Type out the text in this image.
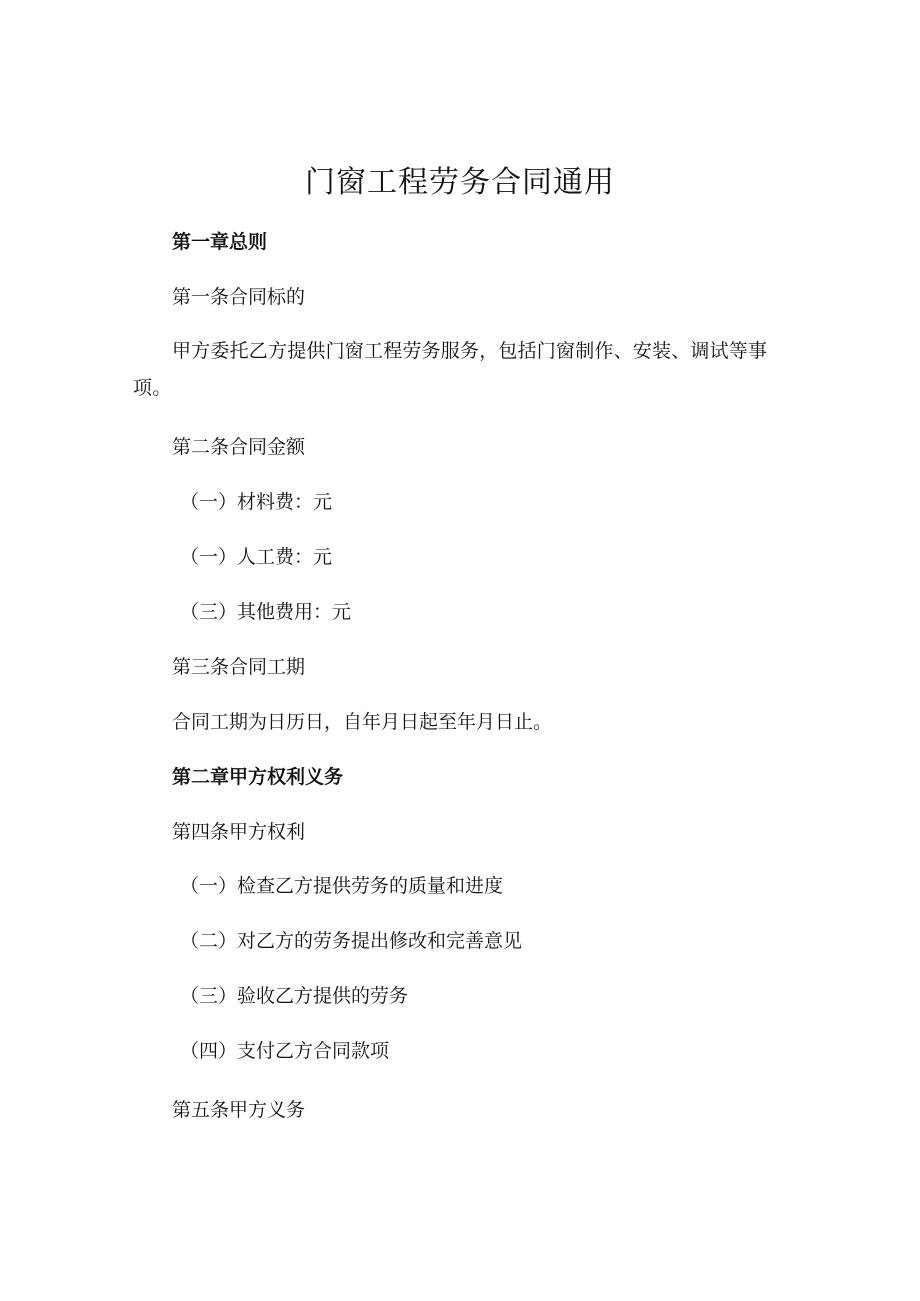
门窗工程劳务合同通用
第一章总则
第一条合同标的
甲方委托乙方提供门窗工程劳务服务，包括门窗制作、安装、调试等事项。
第二条合同金额
（一）材料费：元
（一）人工费：元
（三）其他费用：元
第三条合同工期
合同工期为日历日，自年月日起至年月日止。
第二章甲方权利义务
第四条甲方权利
（一）检查乙方提供劳务的质量和进度
（二）对乙方的劳务提出修改和完善意见
（三）验收乙方提供的劳务
（四）支付乙方合同款项
第五条甲方义务
